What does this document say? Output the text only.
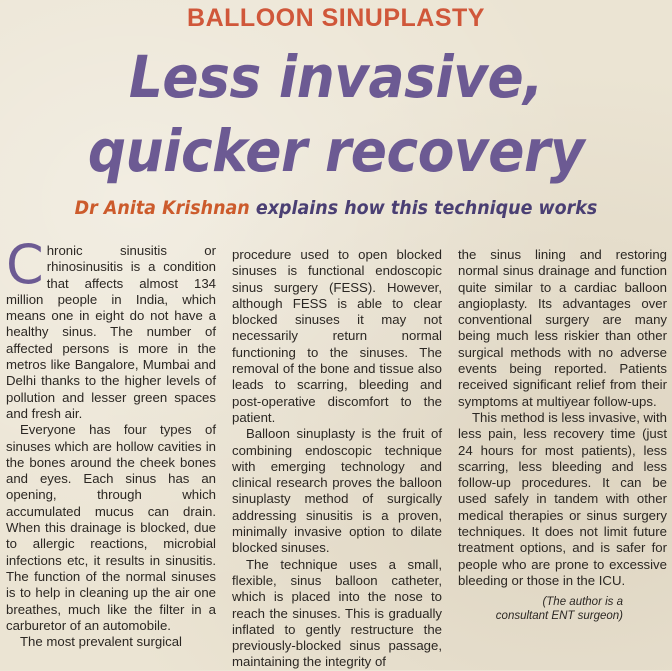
BALLOON SINUPLASTY
Less invasive,
quicker recovery
Dr Anita Krishnan explains how this technique works

Chronic sinusitis or rhinosinusitis is a condition that affects almost 134 million people in India, which means one in eight do not have a healthy sinus. The number of affected persons is more in the metros like Bangalore, Mumbai and Delhi thanks to the higher levels of pollution and lesser green spaces and fresh air.

Everyone has four types of sinuses which are hollow cavities in the bones around the cheek bones and eyes. Each sinus has an opening, through which accumulated mucus can drain. When this drainage is blocked, due to allergic reactions, microbial infections etc, it results in sinusitis. The function of the normal sinuses is to help in cleaning up the air one breathes, much like the filter in a carburetor of an automobile.

The most prevalent surgical

procedure used to open blocked sinuses is functional endoscopic sinus surgery (FESS). However, although FESS is able to clear blocked sinuses it may not necessarily return normal functioning to the sinuses. The removal of the bone and tissue also leads to scarring, bleeding and post-operative discomfort to the patient.

Balloon sinuplasty is the fruit of combining endoscopic technique with emerging technology and clinical research proves the balloon sinuplasty method of surgically addressing sinusitis is a proven, minimally invasive option to dilate blocked sinuses.

The technique uses a small, flexible, sinus balloon catheter, which is placed into the nose to reach the sinuses. This is gradually inflated to gently restructure the previously-blocked sinus passage, maintaining the integrity of

the sinus lining and restoring normal sinus drainage and function quite similar to a cardiac balloon angioplasty. Its advantages over conventional surgery are many being much less riskier than other surgical methods with no adverse events being reported. Patients received significant relief from their symptoms at multiyear follow-ups.

This method is less invasive, with less pain, less recovery time (just 24 hours for most patients), less scarring, less bleeding and less follow-up procedures. It can be used safely in tandem with other medical therapies or sinus surgery techniques. It does not limit future treatment options, and is safer for people who are prone to excessive bleeding or those in the ICU.

(The author is a
consultant ENT surgeon)
